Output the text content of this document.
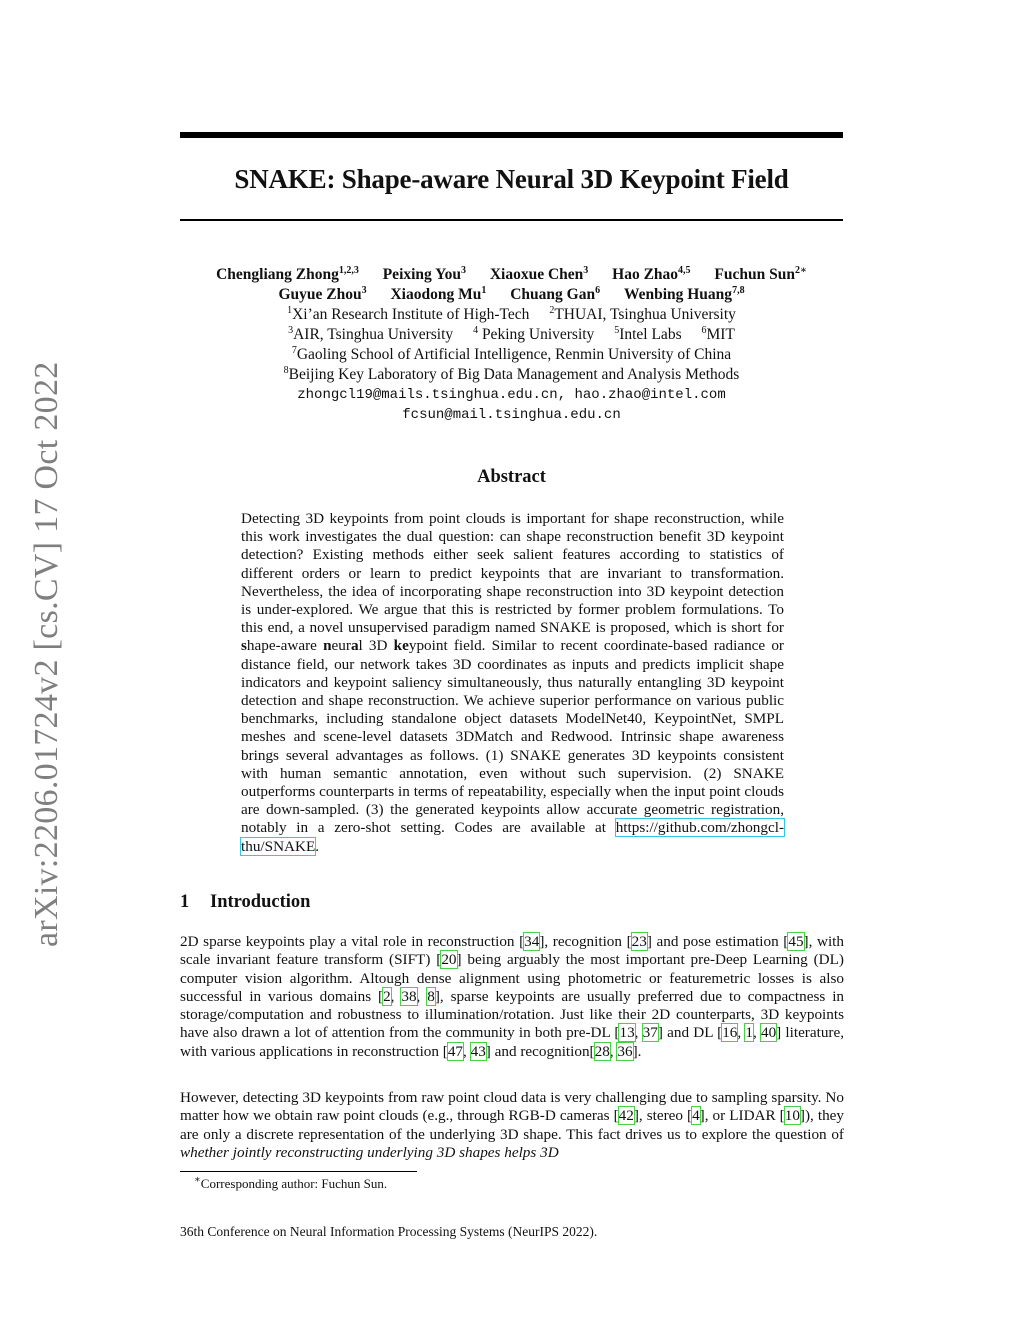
arXiv:2206.01724v2 [cs.CV] 17 Oct 2022
SNAKE: Shape-aware Neural 3D Keypoint Field
Chengliang Zhong$^{1,2,3}$ Peixing You$^3$ Xiaoxue Chen$^3$ Hao Zhao$^{4,5}$ Fuchun Sun$^{2∗}$
Guyue Zhou$^3$ Xiaodong Mu$^1$ Chuang Gan$^6$ Wenbing Huang$^{7,8}$
$^1$Xi’an Research Institute of High-Tech $^2$THUAI, Tsinghua University
$^3$AIR, Tsinghua University $^4$ Peking University $^5$Intel Labs $^6$MIT
$^7$Gaoling School of Artificial Intelligence, Renmin University of China
$^8$Beijing Key Laboratory of Big Data Management and Analysis Methods
zhongcl19@mails.tsinghua.edu.cn, hao.zhao@intel.com
fcsun@mail.tsinghua.edu.cn
Abstract
Detecting 3D keypoints from point clouds is important for shape reconstruction, while this work investigates the dual question: can shape reconstruction benefit 3D keypoint detection? Existing methods either seek salient features according to statistics of different orders or learn to predict keypoints that are invariant to transformation. Nevertheless, the idea of incorporating shape reconstruction into 3D keypoint detection is under-explored. We argue that this is restricted by former problem formulations. To this end, a novel unsupervised paradigm named SNAKE is proposed, which is short for shape-aware neural 3D keypoint field. Similar to recent coordinate-based radiance or distance field, our network takes 3D coordinates as inputs and predicts implicit shape indicators and keypoint saliency simultaneously, thus naturally entangling 3D keypoint detection and shape reconstruction. We achieve superior performance on various public benchmarks, including standalone object datasets ModelNet40, KeypointNet, SMPL meshes and scene-level datasets 3DMatch and Redwood. Intrinsic shape awareness brings several advantages as follows. (1) SNAKE generates 3D keypoints consistent with human semantic annotation, even without such supervision. (2) SNAKE outperforms counterparts in terms of repeatability, especially when the input point clouds are down-sampled. (3) the generated keypoints allow accurate geometric registration, notably in a zero-shot setting. Codes are available at https://github.com/zhongcl-thu/SNAKE.
1 Introduction
2D sparse keypoints play a vital role in reconstruction [34], recognition [23] and pose estimation [45], with scale invariant feature transform (SIFT) [20] being arguably the most important pre-Deep Learning (DL) computer vision algorithm. Altough dense alignment using photometric or featuremetric losses is also successful in various domains [2, 38, 8], sparse keypoints are usually preferred due to compactness in storage/computation and robustness to illumination/rotation. Just like their 2D counterparts, 3D keypoints have also drawn a lot of attention from the community in both pre-DL [13, 37] and DL [16, 1, 40] literature, with various applications in reconstruction [47, 43] and recognition[28, 36].
However, detecting 3D keypoints from raw point cloud data is very challenging due to sampling sparsity. No matter how we obtain raw point clouds (e.g., through RGB-D cameras [42], stereo [4], or LIDAR [10]), they are only a discrete representation of the underlying 3D shape. This fact drives us to explore the question of whether jointly reconstructing underlying 3D shapes helps 3D
∗Corresponding author: Fuchun Sun.
36th Conference on Neural Information Processing Systems (NeurIPS 2022).
